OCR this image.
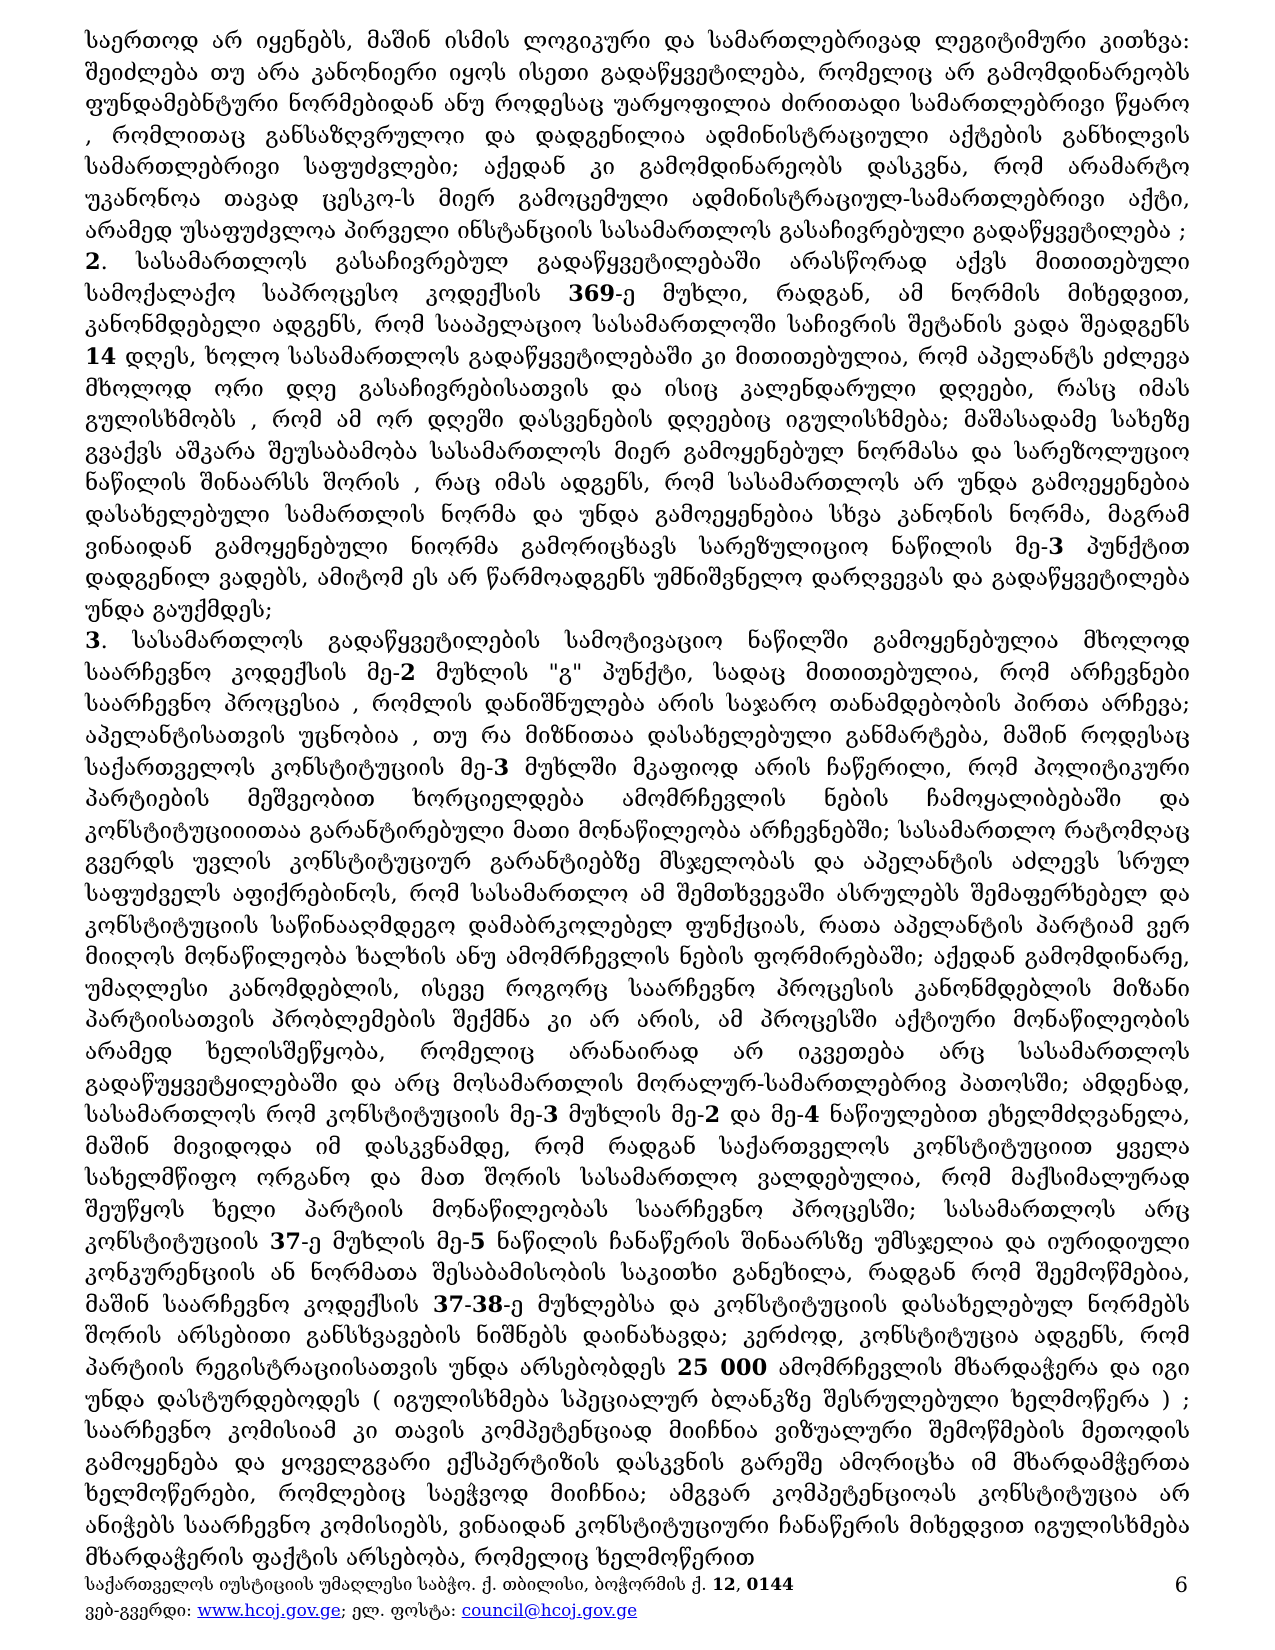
საერთოდ არ იყენებს, მაშინ ისმის ლოგიკური და სამართლებრივად ლეგიტიმური კითხვა: შეიძლება თუ არა კანონიერი იყოს ისეთი გადაწყვეტილება, რომელიც არ გამომდინარეობს ფუნდამებნტური ნორმებიდან ანუ როდესაც უარყოფილია ძირითადი სამართლებრივი წყარო , რომლითაც განსაზღვრულოი და დადგენილია ადმინისტრაციული აქტების განხილვის სამართლებრივი საფუძვლები; აქედან კი გამომდინარეობს დასკვნა, რომ არამარტო უკანონოა თავად ცესკო-ს მიერ გამოცემული ადმინისტრაციულ-სამართლებრივი აქტი, არამედ უსაფუძვლოა პირველი ინსტანციის სასამართლოს გასაჩივრებული გადაწყვეტილება ;

2. სასამართლოს გასაჩივრებულ გადაწყვეტილებაში არასწორად აქვს მითითებული სამოქალაქო საპროცესო კოდექსის 369-ე მუხლი, რადგან, ამ ნორმის მიხედვით, კანონმდებელი ადგენს, რომ სააპელაციო სასამართლოში საჩივრის შეტანის ვადა შეადგენს 14 დღეს, ხოლო სასამართლოს გადაწყვეტილებაში კი მითითებულია, რომ აპელანტს ეძლევა მხოლოდ ორი დღე გასაჩივრებისათვის და ისიც კალენდარული დღეები, რასც იმას გულისხმობს , რომ ამ ორ დღეში დასვენების დღეებიც იგულისხმება; მაშასადამე სახეზე გვაქვს აშკარა შეუსაბამობა სასამართლოს მიერ გამოყენებულ ნორმასა და სარეზოლუციო ნაწილის შინაარსს შორის , რაც იმას ადგენს, რომ სასამართლოს არ უნდა გამოეყენებია დასახელებული სამართლის ნორმა და უნდა გამოეყენებია სხვა კანონის ნორმა, მაგრამ ვინაიდან გამოყენებული ნიორმა გამორიცხავს სარეზულიციო ნაწილის მე-3 პუნქტით დადგენილ ვადებს, ამიტომ ეს არ წარმოადგენს უმნიშვნელო დარღვევას და გადაწყვეტილება უნდა გაუქმდეს;

3. სასამართლოს გადაწყვეტილების სამოტივაციო ნაწილში გამოყენებულია მხოლოდ საარჩევნო კოდექსის მე-2 მუხლის "გ" პუნქტი, სადაც მითითებულია, რომ არჩევნები საარჩევნო პროცესია , რომლის დანიშნულება არის საჯარო თანამდებობის პირთა არჩევა; აპელანტისათვის უცნობია , თუ რა მიზნითაა დასახელებული განმარტება, მაშინ როდესაც საქართველოს კონსტიტუციის მე-3 მუხლში მკაფიოდ არის ჩაწერილი, რომ პოლიტიკური პარტიების მეშვეობით ხორციელდება ამომრჩევლის ნების ჩამოყალიბებაში და კონსტიტუციიითაა გარანტირებული მათი მონაწილეობა არჩევნებში; სასამართლო რატომღაც გვერდს უვლის კონსტიტუციურ გარანტიებზე მსჯელობას და აპელანტის აძლევს სრულ საფუძველს აფიქრებინოს, რომ სასამართლო ამ შემთხვევაში ასრულებს შემაფერხებელ და კონსტიტუციის საწინააღმდეგო დამაბრკოლებელ ფუნქციას, რათა აპელანტის პარტიამ ვერ მიიღოს მონაწილეობა ხალხის ანუ ამომრჩევლის ნების ფორმირებაში; აქედან გამომდინარე, უმაღლესი კანომდებლის, ისევე როგორც საარჩევნო პროცესის კანონმდებლის მიზანი პარტიისათვის პრობლემების შექმნა კი არ არის, ამ პროცესში აქტიური მონაწილეობის არამედ ხელისშეწყობა, რომელიც არანაირად არ იკვეთება არც სასამართლოს გადაწუყვეტყილებაში და არც მოსამართლის მორალურ-სამართლებრივ პათოსში; ამდენად, სასამართლოს რომ კონსტიტუციის მე-3 მუხლის მე-2 და მე-4 ნაწიულებით ეხელმძღვანელა, მაშინ მივიდოდა იმ დასკვნამდე, რომ რადგან საქართველოს კონსტიტუციით ყველა სახელმწიფო ორგანო და მათ შორის სასამართლო ვალდებულია, რომ მაქსიმალურად შეუწყოს ხელი პარტიის მონაწილეობას საარჩევნო პროცესში; სასამართლოს არც კონსტიტუციის 37-ე მუხლის მე-5 ნაწილის ჩანაწერის შინაარსზე უმსჯელია და იურიდიული კონკურენციის ან ნორმათა შესაბამისობის საკითხი განეხილა, რადგან რომ შეემოწმებია, მაშინ საარჩევნო კოდექსის 37-38-ე მუხლებსა და კონსტიტუციის დასახელებულ ნორმებს შორის არსებითი განსხვავების ნიშნებს დაინახავდა; კერძოდ, კონსტიტუცია ადგენს, რომ პარტიის რეგისტრაციისათვის უნდა არსებობდეს 25 000 ამომრჩევლის მხარდაჭერა და იგი უნდა დასტურდებოდეს ( იგულისხმება სპეციალურ ბლანკზე შესრულებული ხელმოწერა ) ; საარჩევნო კომისიამ კი თავის კომპეტენციად მიიჩნია ვიზუალური შემოწმების მეთოდის გამოყენება და ყოველგვარი ექსპერტიზის დასკვნის გარეშე ამორიცხა იმ მხარდამჭერთა ხელმოწერები, რომლებიც საეჭვოდ მიიჩნია; ამგვარ კომპეტენციოას კონსტიტუცია არ ანიჭებს საარჩევნო კომისიებს, ვინაიდან კონსტიტუციური ჩანაწერის მიხედვით იგულისხმება მხარდაჭერის ფაქტის არსებობა, რომელიც ხელმოწერით

საქართველოს იუსტიციის უმაღლესი საბჭო. ქ. თბილისი, ბოჭორმის ქ. 12, 0144
ვებ-გვერდი: www.hcoj.gov.ge; ელ. ფოსტა: council@hcoj.gov.ge
6
